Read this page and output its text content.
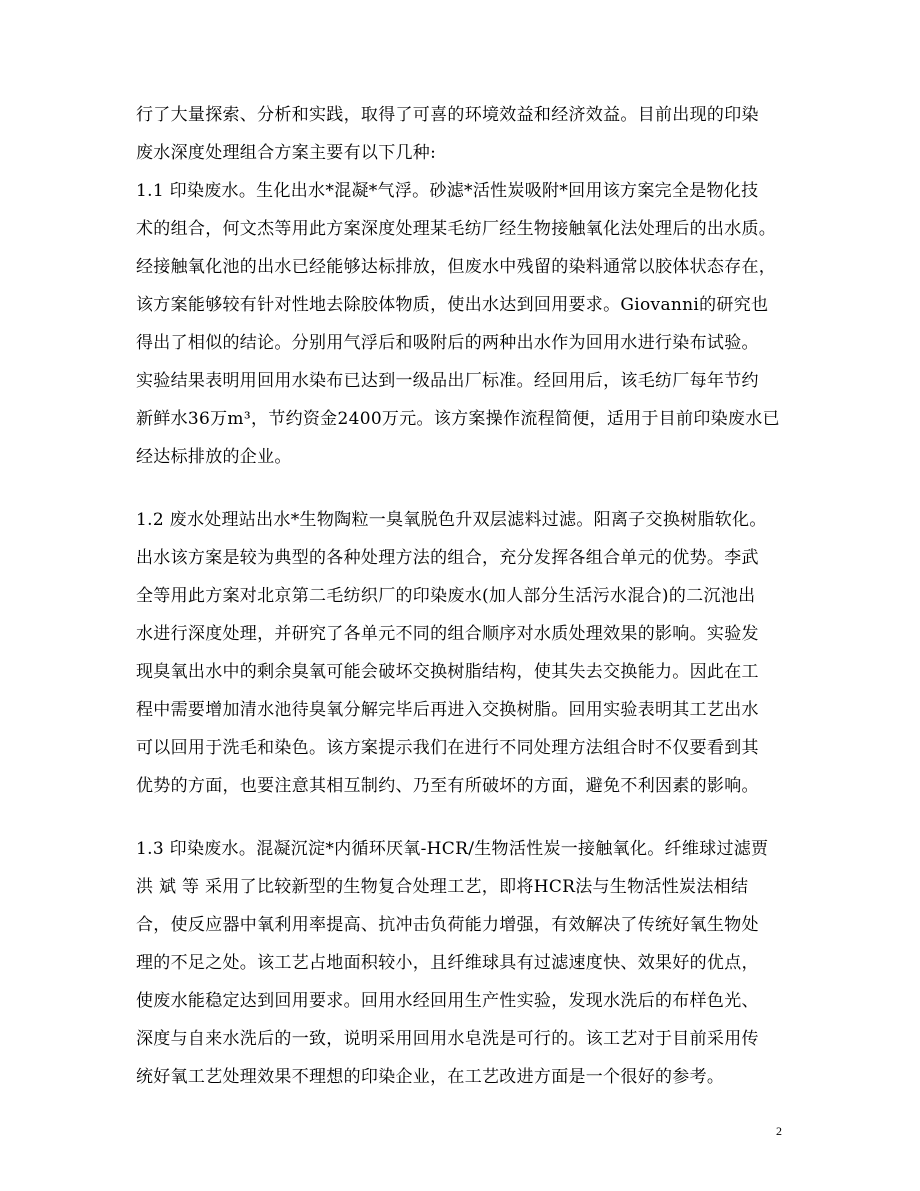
行了大量探索、分析和实践，取得了可喜的环境效益和经济效益。目前出现的印染
废水深度处理组合方案主要有以下几种:
1.1 印染废水。生化出水*混凝*气浮。砂滤*活性炭吸附*回用该方案完全是物化技
术的组合，何文杰等用此方案深度处理某毛纺厂经生物接触氧化法处理后的出水质。
经接触氧化池的出水已经能够达标排放，但废水中残留的染料通常以胶体状态存在，
该方案能够较有针对性地去除胶体物质，使出水达到回用要求。Giovanni的研究也
得出了相似的结论。分别用气浮后和吸附后的两种出水作为回用水进行染布试验。
实验结果表明用回用水染布已达到一级品出厂标准。经回用后，该毛纺厂每年节约
新鲜水36万m³，节约资金2400万元。该方案操作流程简便，适用于目前印染废水已
经达标排放的企业。
1.2 废水处理站出水*生物陶粒一臭氧脱色升双层滤料过滤。阳离子交换树脂软化。
出水该方案是较为典型的各种处理方法的组合，充分发挥各组合单元的优势。李武
全等用此方案对北京第二毛纺织厂的印染废水(加人部分生活污水混合)的二沉池出
水进行深度处理，并研究了各单元不同的组合顺序对水质处理效果的影响。实验发
现臭氧出水中的剩余臭氧可能会破坏交换树脂结构，使其失去交换能力。因此在工
程中需要增加清水池待臭氧分解完毕后再进入交换树脂。回用实验表明其工艺出水
可以回用于洗毛和染色。该方案提示我们在进行不同处理方法组合时不仅要看到其
优势的方面，也要注意其相互制约、乃至有所破坏的方面，避免不利因素的影响。
1.3 印染废水。混凝沉淀*内循环厌氧-HCR/生物活性炭一接触氧化。纤维球过滤贾
洪 斌 等 采用了比较新型的生物复合处理工艺，即将HCR法与生物活性炭法相结
合，使反应器中氧利用率提高、抗冲击负荷能力增强，有效解决了传统好氧生物处
理的不足之处。该工艺占地面积较小，且纤维球具有过滤速度快、效果好的优点，
使废水能稳定达到回用要求。回用水经回用生产性实验，发现水洗后的布样色光、
深度与自来水洗后的一致，说明采用回用水皂洗是可行的。该工艺对于目前采用传
统好氧工艺处理效果不理想的印染企业，在工艺改进方面是一个很好的参考。
2
